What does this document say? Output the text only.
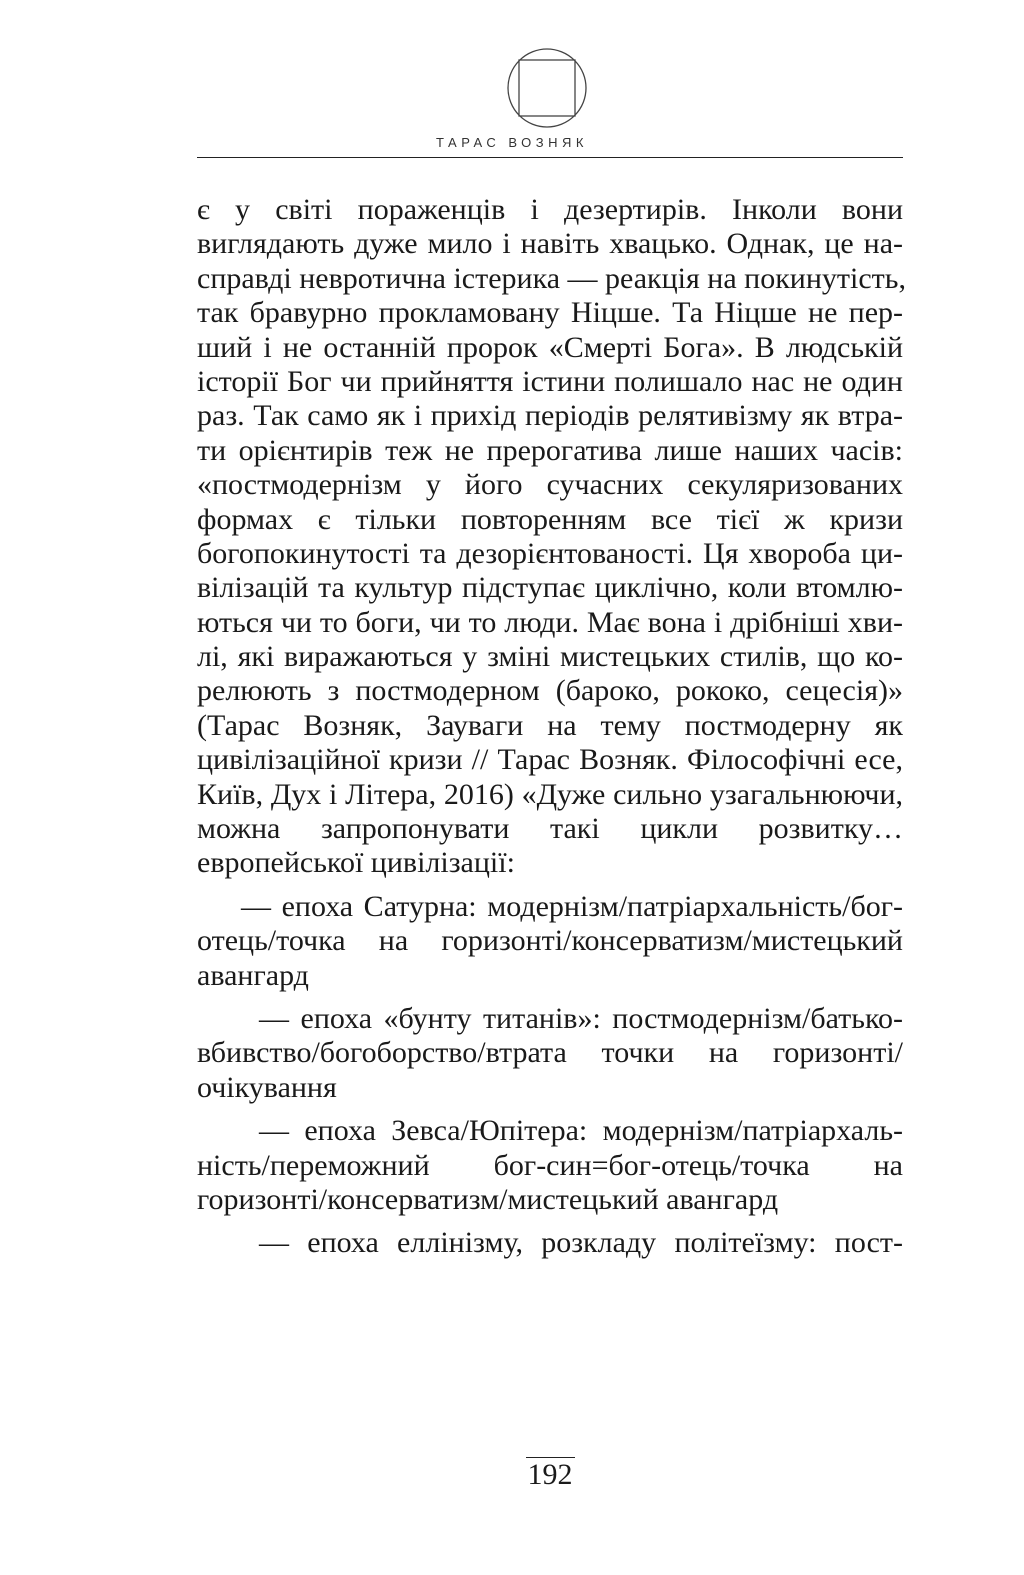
ТАРАС ВОЗНЯК
є у світі пораженців і дезертирів. Інколи вони
виглядають дуже мило і навіть хвацько. Однак, це на-
справді невротична істерика — реакція на покинутість,
так бравурно прокламовану Ніцше. Та Ніцше не пер-
ший і не останній пророк «Смерті Бога». В людській
історії Бог чи прийняття істини полишало нас не один
раз. Так само як і прихід періодів релятивізму як втра-
ти орієнтирів теж не прерогатива лише наших часів:
«постмодернізм у його сучасних секуляризованих
формах є тільки повторенням все тієї ж кризи
богопокинутості та дезорієнтованості. Ця хвороба ци-
вілізацій та культур підступає циклічно, коли втомлю-
ються чи то боги, чи то люди. Має вона і дрібніші хви-
лі, які виражаються у зміні мистецьких стилів, що ко-
релюють з постмодерном (бароко, рококо, сецесія)»
(Тарас Возняк, Зауваги на тему постмодерну як
цивілізаційної кризи // Тарас Возняк. Філософічні есе,
Київ, Дух і Літера, 2016) «Дуже сильно узагальнюючи,
можна запропонувати такі цикли розвитку…
европейської цивілізації:
— епоха Сатурна: модернізм/патріархальність/бог-
отець/точка на горизонті/консерватизм/мистецький
авангард
— епоха «бунту титанів»: постмодернізм/батько-
вбивство/богоборство/втрата точки на горизонті/
очікування
— епоха Зевса/Юпітера: модернізм/патріархаль-
ність/переможний бог-син=бог-отець/точка на
горизонті/консерватизм/мистецький авангард
— епоха еллінізму, розкладу політеїзму: пост-
192
